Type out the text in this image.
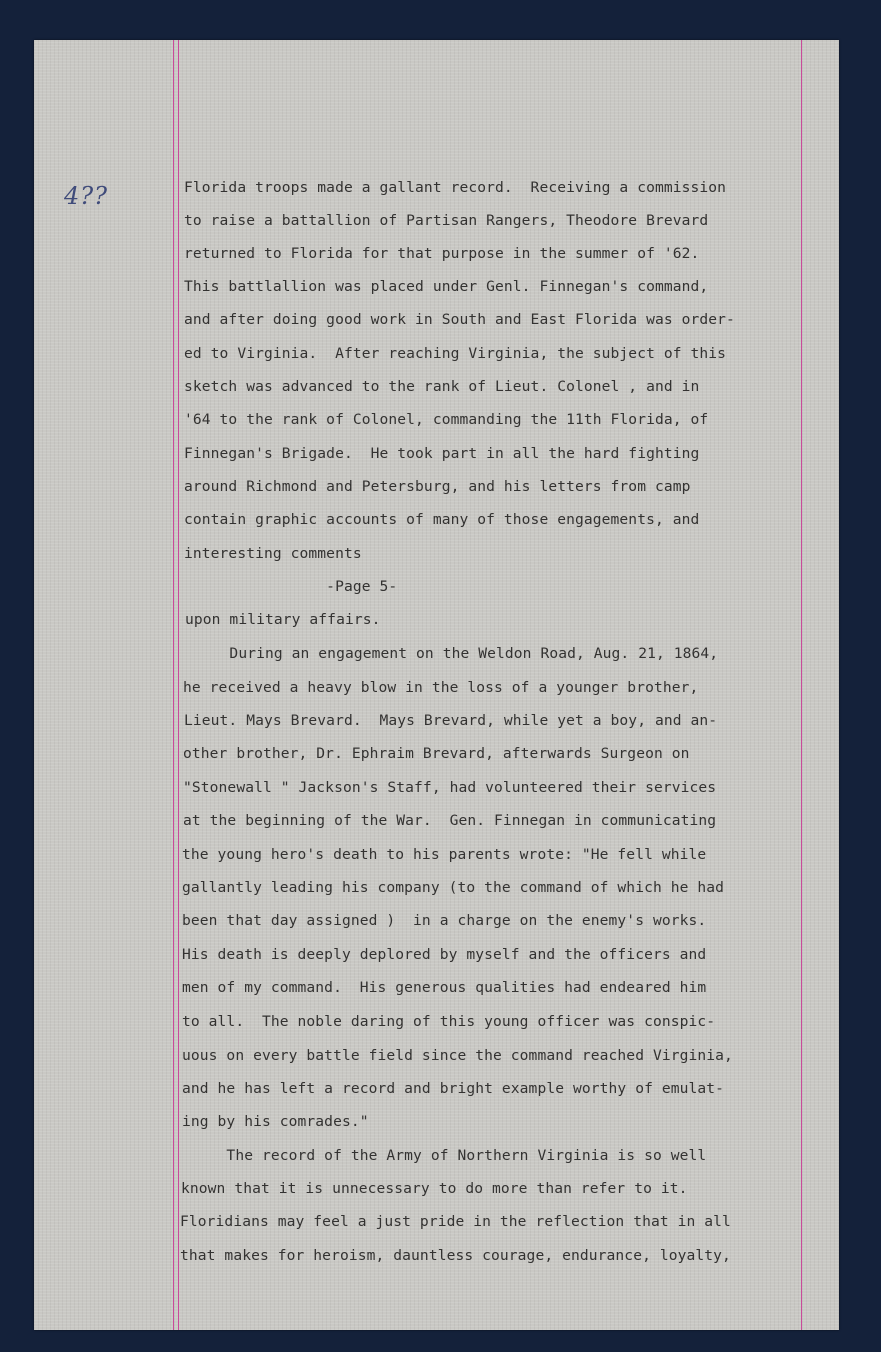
4??	Florida troops made a gallant record.  Receiving a commission
to raise a battallion of Partisan Rangers, Theodore Brevard
returned to Florida for that purpose in the summer of '62.
This battlallion was placed under Genl. Finnegan's command,
and after doing good work in South and East Florida was order-
ed to Virginia.  After reaching Virginia, the subject of this
sketch was advanced to the rank of Lieut. Colonel , and in
'64 to the rank of Colonel, commanding the 11th Florida, of
Finnegan's Brigade.  He took part in all the hard fighting
around Richmond and Petersburg, and his letters from camp
contain graphic accounts of many of those engagements, and
interesting comments
-Page 5-
upon military affairs.
During an engagement on the Weldon Road, Aug. 21, 1864,
he received a heavy blow in the loss of a younger brother,
Lieut. Mays Brevard.  Mays Brevard, while yet a boy, and an-
other brother, Dr. Ephraim Brevard, afterwards Surgeon on
"Stonewall " Jackson's Staff, had volunteered their services
at the beginning of the War.  Gen. Finnegan in communicating
the young hero's death to his parents wrote: "He fell while
gallantly leading his company (to the command of which he had
been that day assigned )  in a charge on the enemy's works.
His death is deeply deplored by myself and the officers and
men of my command.  His generous qualities had endeared him
to all.  The noble daring of this young officer was conspic-
uous on every battle field since the command reached Virginia,
and he has left a record and bright example worthy of emulat-
ing by his comrades."
The record of the Army of Northern Virginia is so well
known that it is unnecessary to do more than refer to it.
Floridians may feel a just pride in the reflection that in all
that makes for heroism, dauntless courage, endurance, loyalty,
